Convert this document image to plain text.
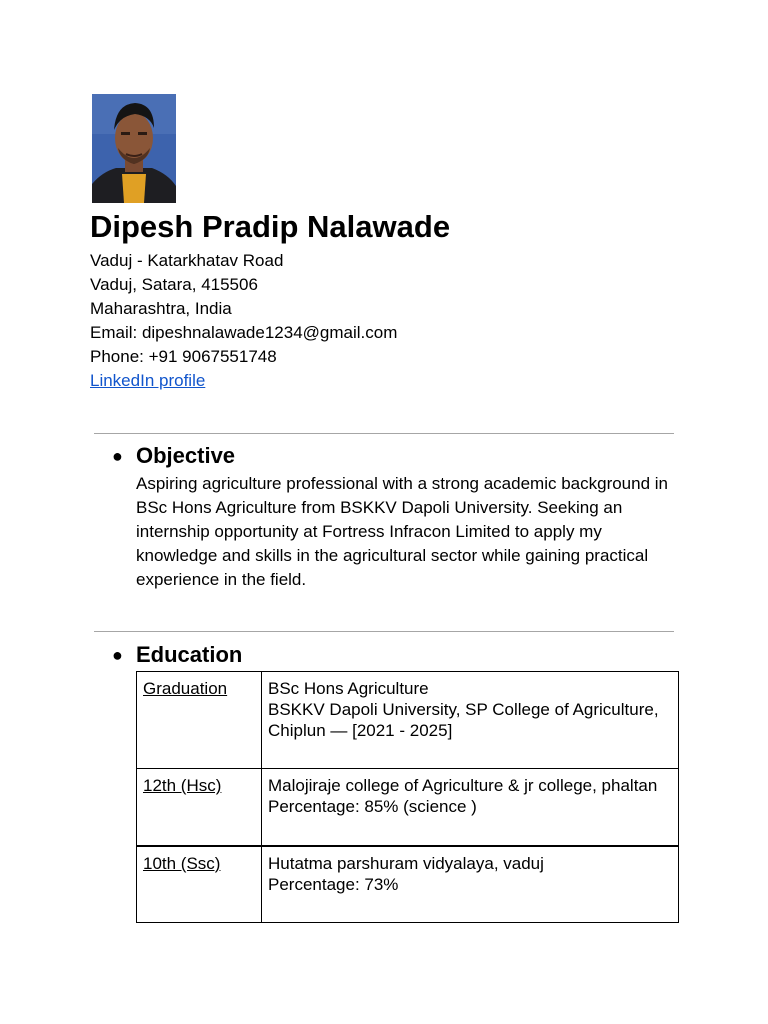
Dipesh Pradip Nalawade
Vaduj - Katarkhatav Road
Vaduj, Satara, 415506
Maharashtra, India
Email: dipeshnalawade1234@gmail.com
Phone: +91 9067551748
LinkedIn profile
● Objective
Aspiring agriculture professional with a strong academic background in BSc Hons Agriculture from BSKKV Dapoli University. Seeking an internship opportunity at Fortress Infracon Limited to apply my knowledge and skills in the agricultural sector while gaining practical experience in the field.
● Education
Graduation	BSc Hons Agriculture
BSKKV Dapoli University, SP College of Agriculture, Chiplun — [2021 - 2025]

12th (Hsc)	Malojiraje college of Agriculture & jr college, phaltan
Percentage: 85% (science )

10th (Ssc)	Hutatma parshuram vidyalaya, vaduj
Percentage: 73%
